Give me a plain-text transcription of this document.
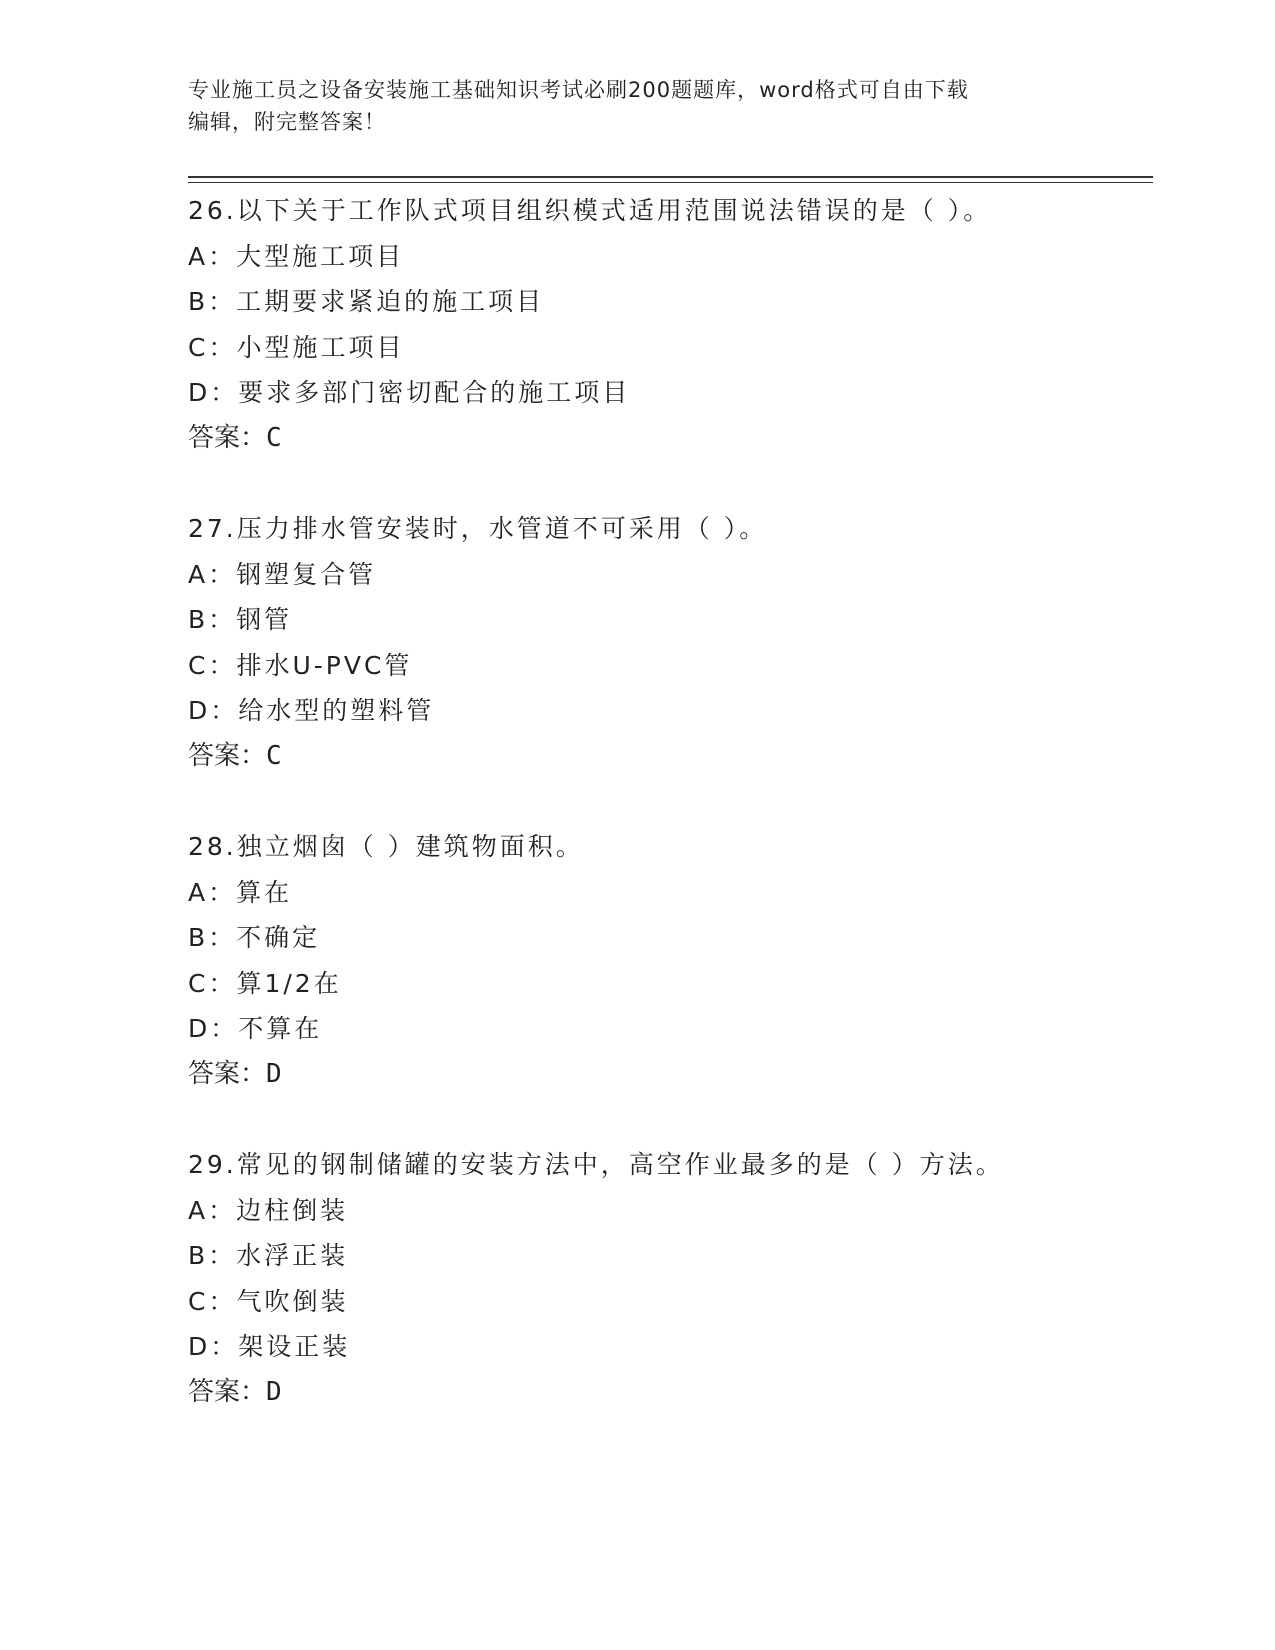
专业施工员之设备安装施工基础知识考试必刷200题题库，word格式可自由下载
编辑，附完整答案！
26.以下关于工作队式项目组织模式适用范围说法错误的是（ ）。
A：大型施工项目
B：工期要求紧迫的施工项目
C：小型施工项目
D：要求多部门密切配合的施工项目
答案：C
27.压力排水管安装时，水管道不可采用（ ）。
A：钢塑复合管
B：钢管
C：排水U-PVC管
D：给水型的塑料管
答案：C
28.独立烟囱（ ）建筑物面积。
A：算在
B：不确定
C：算1/2在
D：不算在
答案：D
29.常见的钢制储罐的安装方法中，高空作业最多的是（ ）方法。
A：边柱倒装
B：水浮正装
C：气吹倒装
D：架设正装
答案：D
